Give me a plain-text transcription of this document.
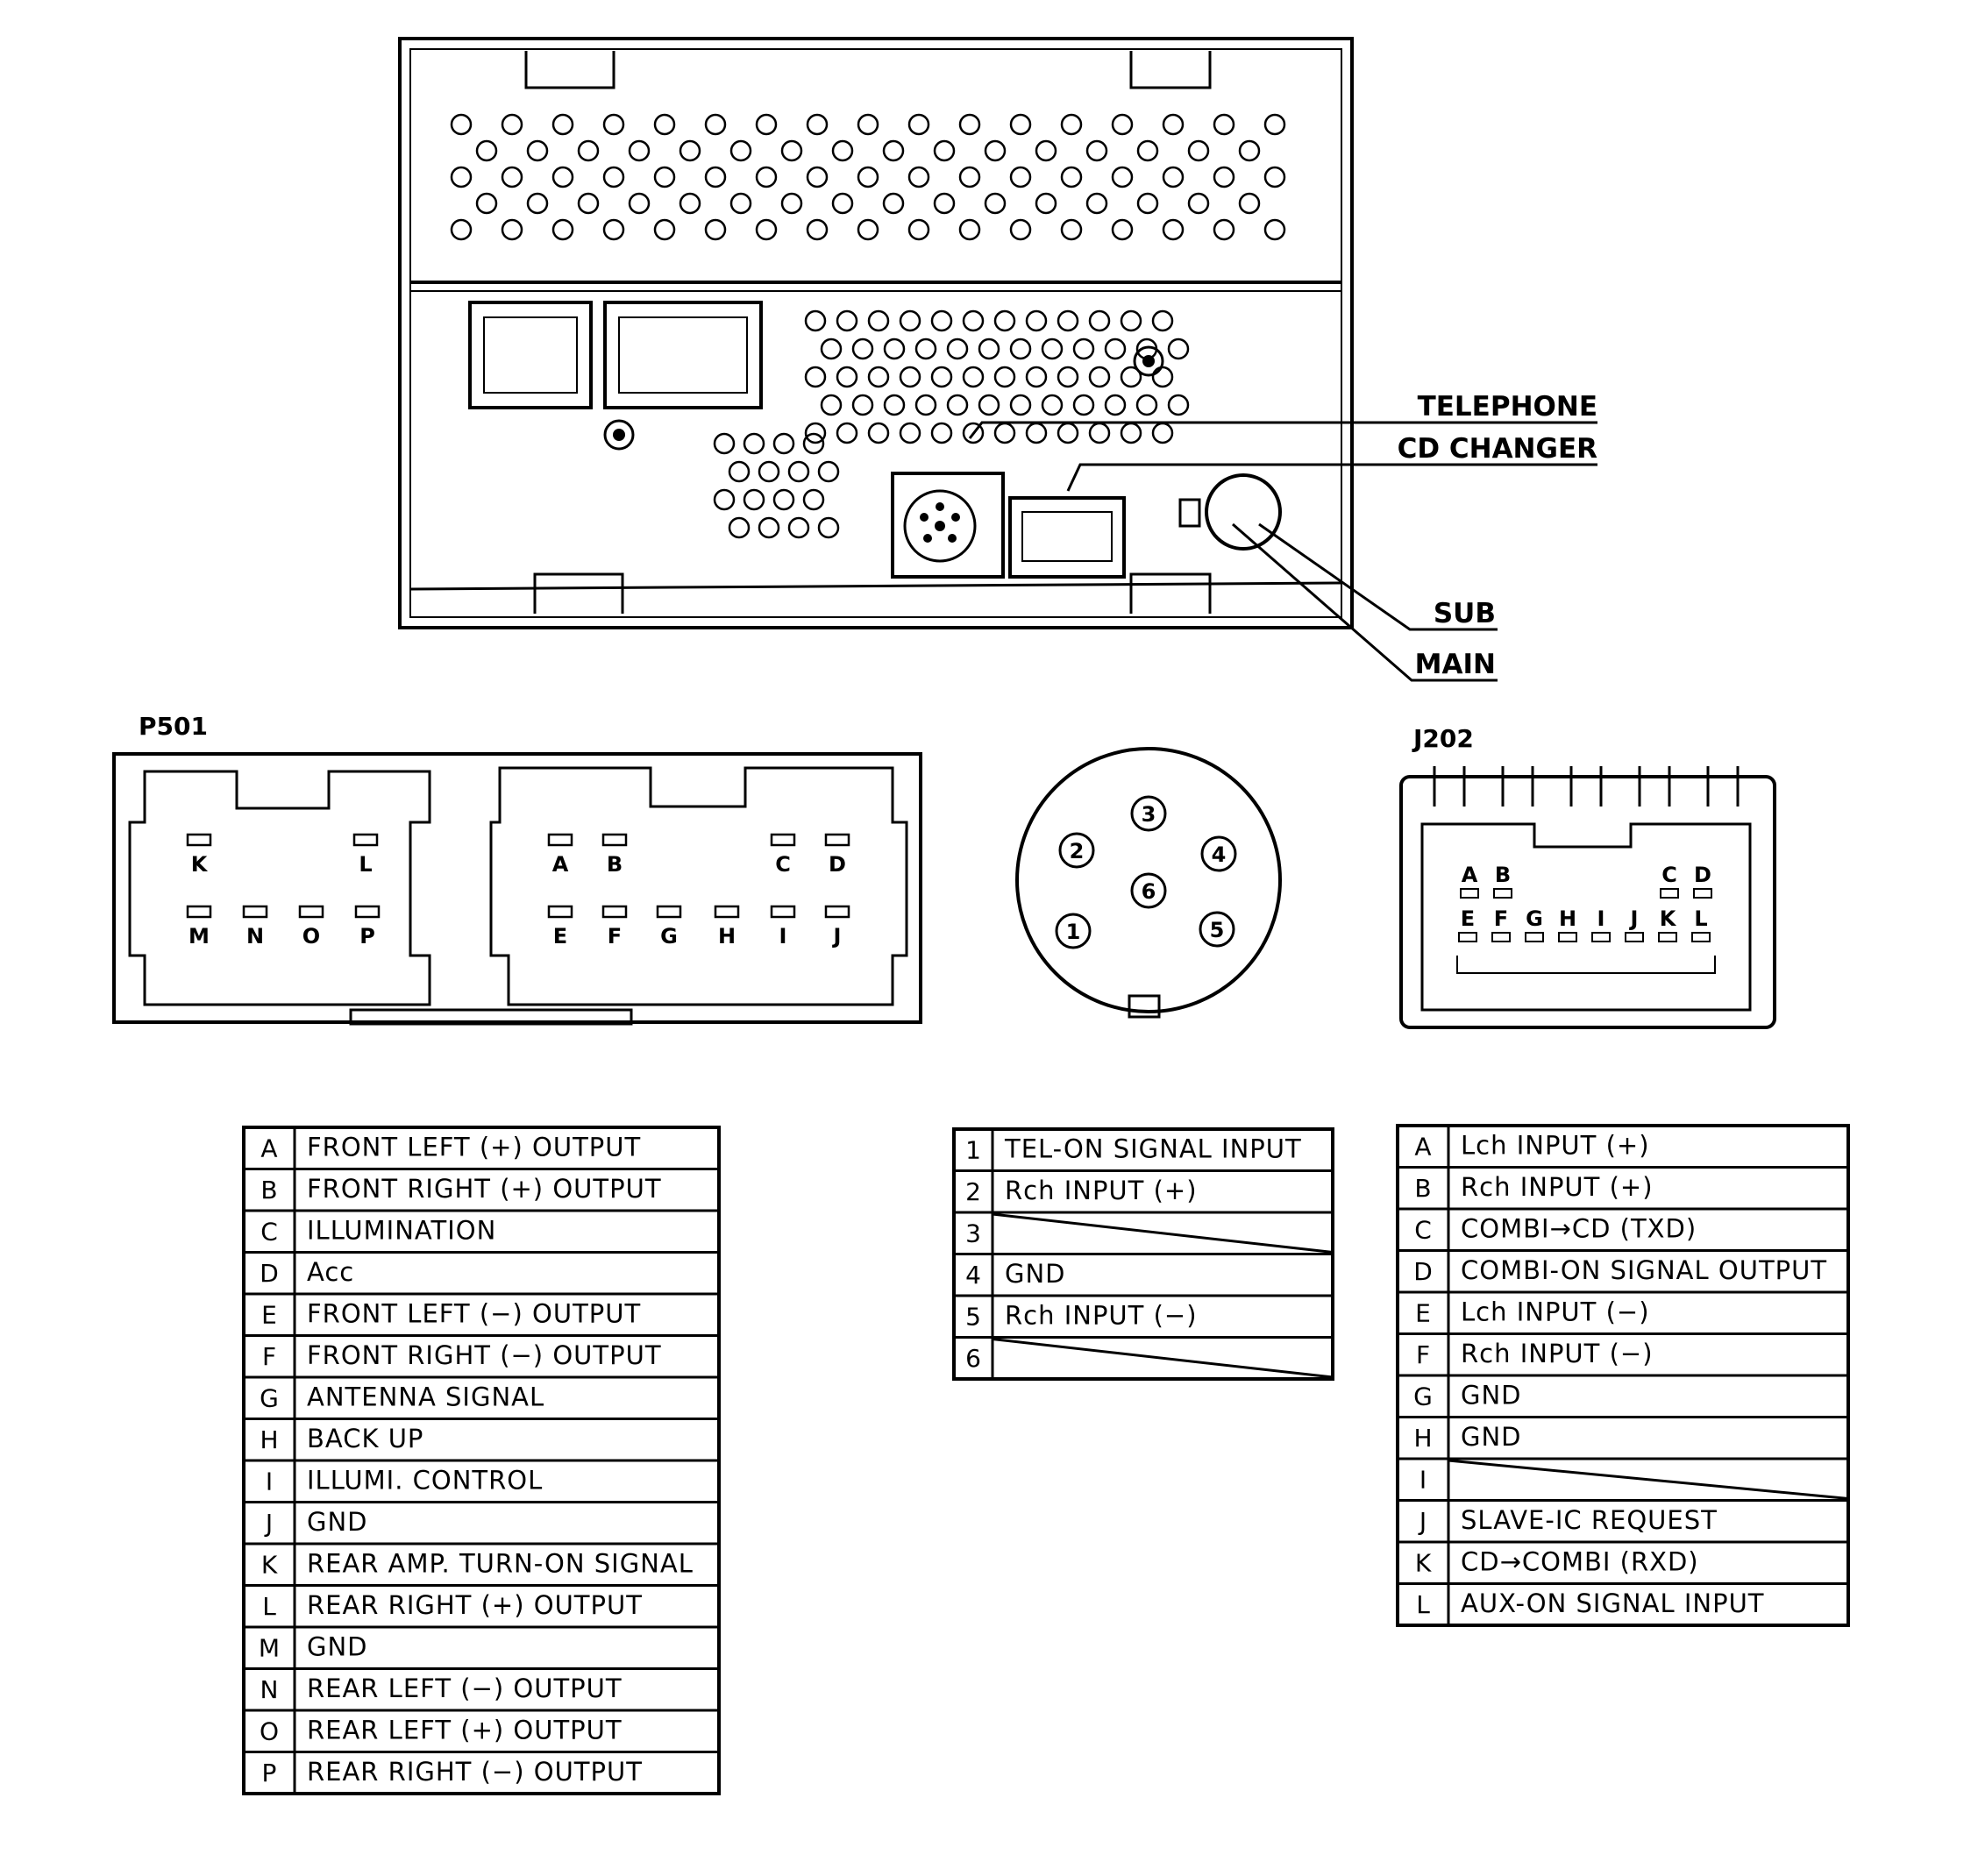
TELEPHONE
CD CHANGER
SUB
MAIN
P501
K	L
M N O P
A B	C D
E F G H I J
6
3
2	4
1	5
J202
A B	C D
E F G H I J K L
A FRONT LEFT (+) OUTPUT
B FRONT RIGHT (+) OUTPUT
C ILLUMINATION
D Acc
E FRONT LEFT (−) OUTPUT
F FRONT RIGHT (−) OUTPUT
G ANTENNA SIGNAL
H BACK UP
I ILLUMI. CONTROL
J GND
K REAR AMP. TURN-ON SIGNAL
L REAR RIGHT (+) OUTPUT
M GND
N REAR LEFT (−) OUTPUT
O REAR LEFT (+) OUTPUT
P REAR RIGHT (−) OUTPUT
1 TEL-ON SIGNAL INPUT
2 Rch INPUT (+)
3
4 GND
5 Rch INPUT (−)
6
A Lch INPUT (+)
B Rch INPUT (+)
C COMBI→CD (TXD)
D COMBI-ON SIGNAL OUTPUT
E Lch INPUT (−)
F Rch INPUT (−)
G GND
H GND
I
J SLAVE-IC REQUEST
K CD→COMBI (RXD)
L AUX-ON SIGNAL INPUT
